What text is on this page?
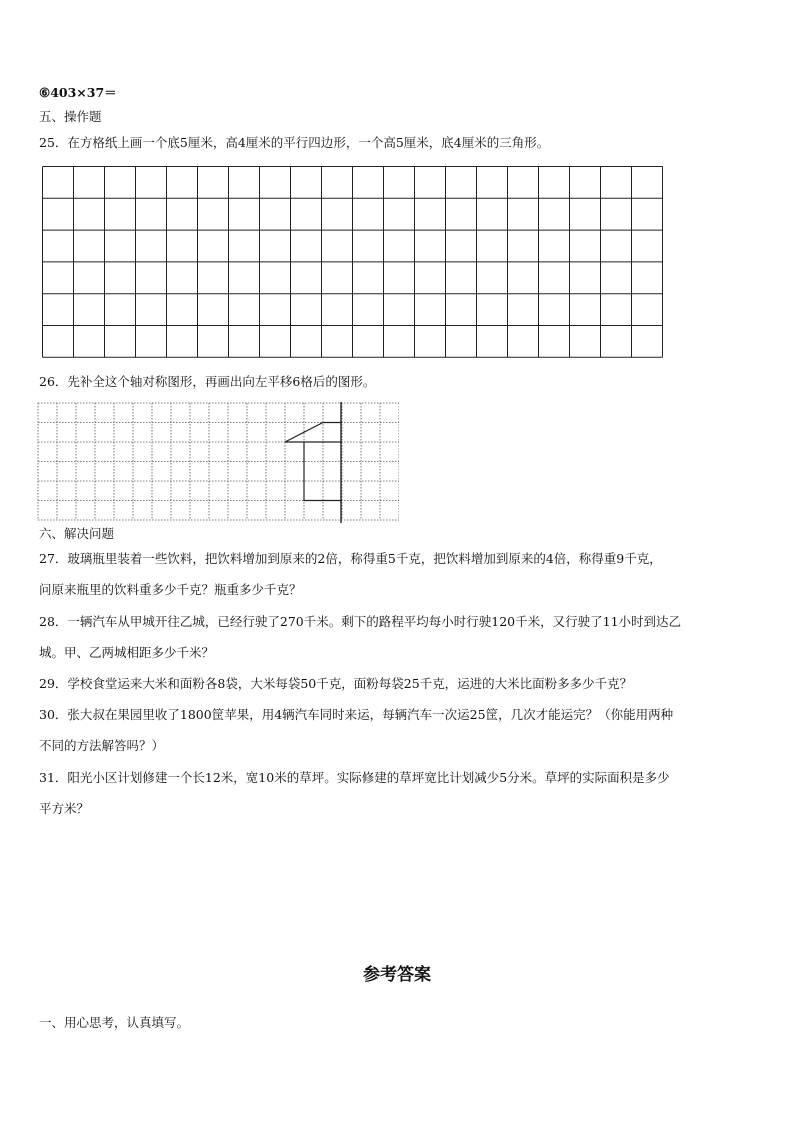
⑥403×37＝
五、操作题
25．在方格纸上画一个底5厘米，高4厘米的平行四边形，一个高5厘米，底4厘米的三角形。
26．先补全这个轴对称图形，再画出向左平移6格后的图形。
六、解决问题
27．玻璃瓶里装着一些饮料，把饮料增加到原来的2倍，称得重5千克，把饮料增加到原来的4倍，称得重9千克，
问原来瓶里的饮料重多少千克？瓶重多少千克？
28．一辆汽车从甲城开往乙城，已经行驶了270千米。剩下的路程平均每小时行驶120千米，又行驶了11小时到达乙
城。甲、乙两城相距多少千米？
29．学校食堂运来大米和面粉各8袋，大米每袋50千克，面粉每袋25千克，运进的大米比面粉多多少千克？
30．张大叔在果园里收了1800筐苹果，用4辆汽车同时来运，每辆汽车一次运25筐，几次才能运完？（你能用两种
不同的方法解答吗？）
31．阳光小区计划修建一个长12米，宽10米的草坪。实际修建的草坪宽比计划减少5分米。草坪的实际面积是多少
平方米？
参考答案
一、用心思考，认真填写。
